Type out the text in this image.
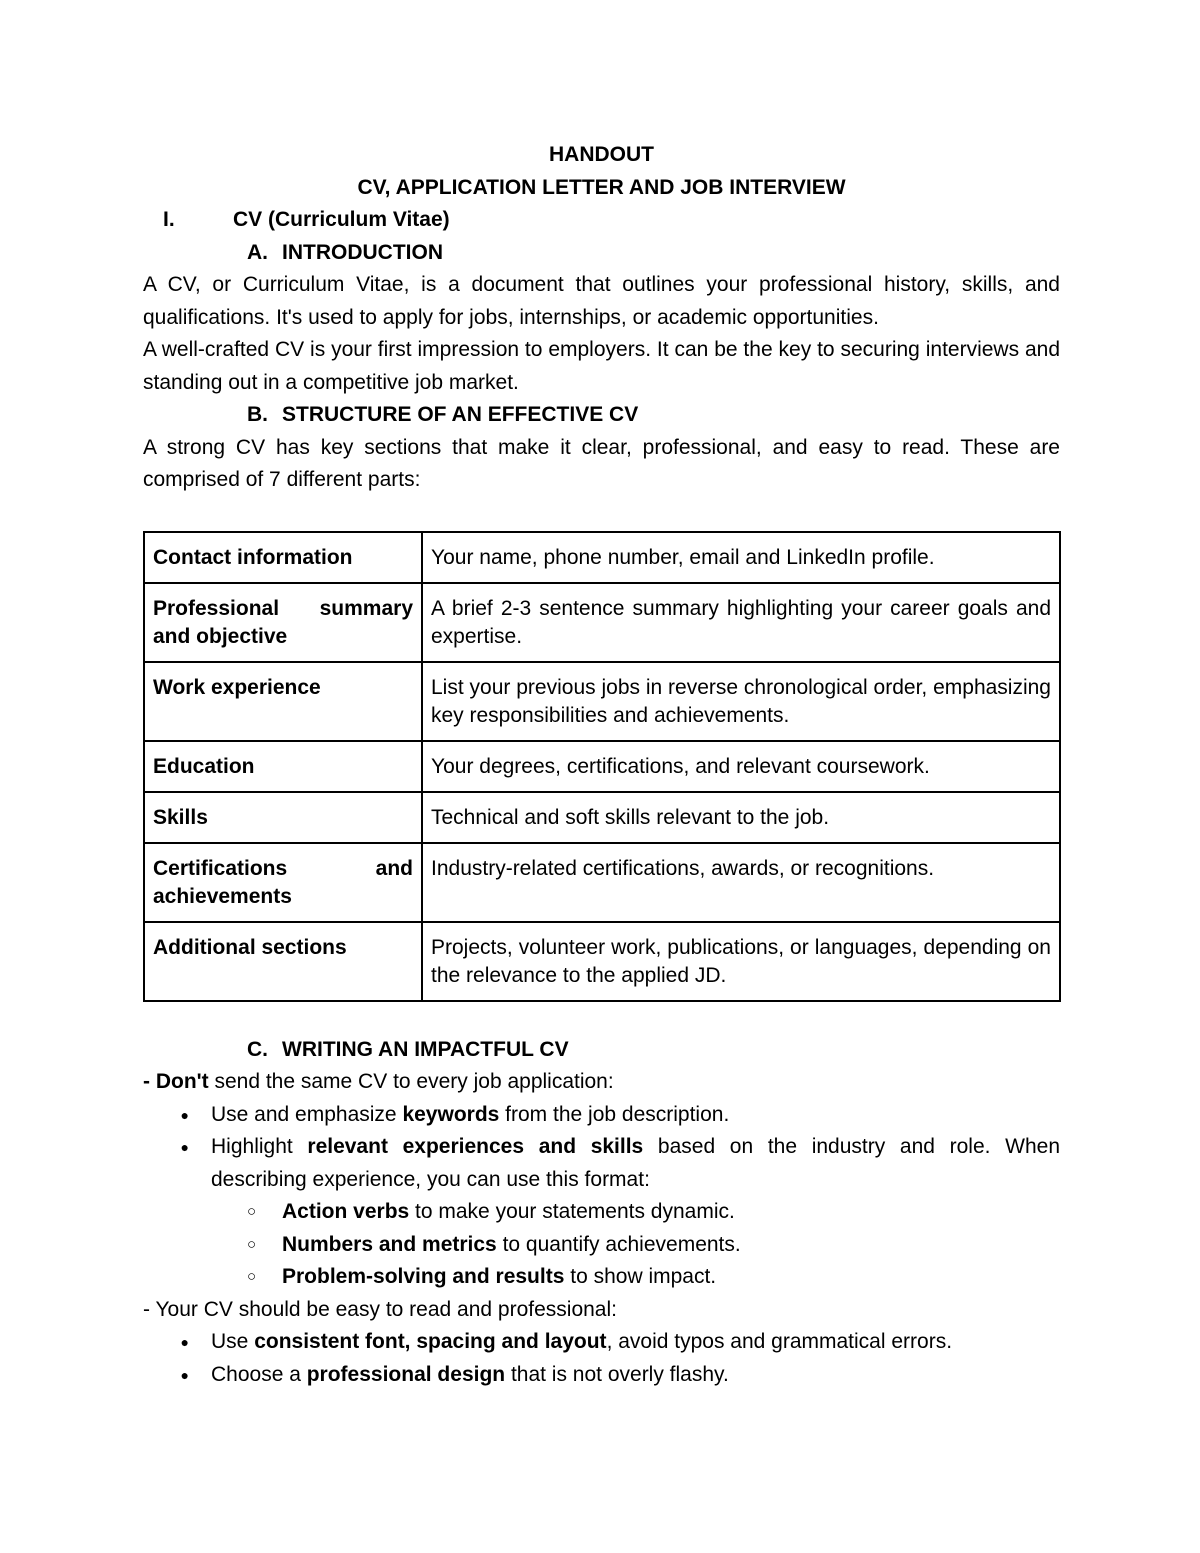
HANDOUT

CV, APPLICATION LETTER AND JOB INTERVIEW

I.	CV (Curriculum Vitae)

A. INTRODUCTION

A CV, or Curriculum Vitae, is a document that outlines your professional history, skills, and qualifications. It's used to apply for jobs, internships, or academic opportunities.

A well-crafted CV is your first impression to employers. It can be the key to securing interviews and standing out in a competitive job market.

B. STRUCTURE OF AN EFFECTIVE CV

A strong CV has key sections that make it clear, professional, and easy to read. These are comprised of 7 different parts:

Contact information	Your name, phone number, email and LinkedIn profile.
Professional summary and objective	A brief 2-3 sentence summary highlighting your career goals and expertise.
Work experience	List your previous jobs in reverse chronological order, emphasizing key responsibilities and achievements.
Education	Your degrees, certifications, and relevant coursework.
Skills	Technical and soft skills relevant to the job.
Certifications and achievements	Industry-related certifications, awards, or recognitions.
Additional sections	Projects, volunteer work, publications, or languages, depending on the relevance to the applied JD.

C. WRITING AN IMPACTFUL CV

- Don't send the same CV to every job application:

●	Use and emphasize keywords from the job description.
●	Highlight relevant experiences and skills based on the industry and role. When describing experience, you can use this format:
○	Action verbs to make your statements dynamic.
○	Numbers and metrics to quantify achievements.
○	Problem-solving and results to show impact.

- Your CV should be easy to read and professional:

●	Use consistent font, spacing and layout, avoid typos and grammatical errors.
●	Choose a professional design that is not overly flashy.
